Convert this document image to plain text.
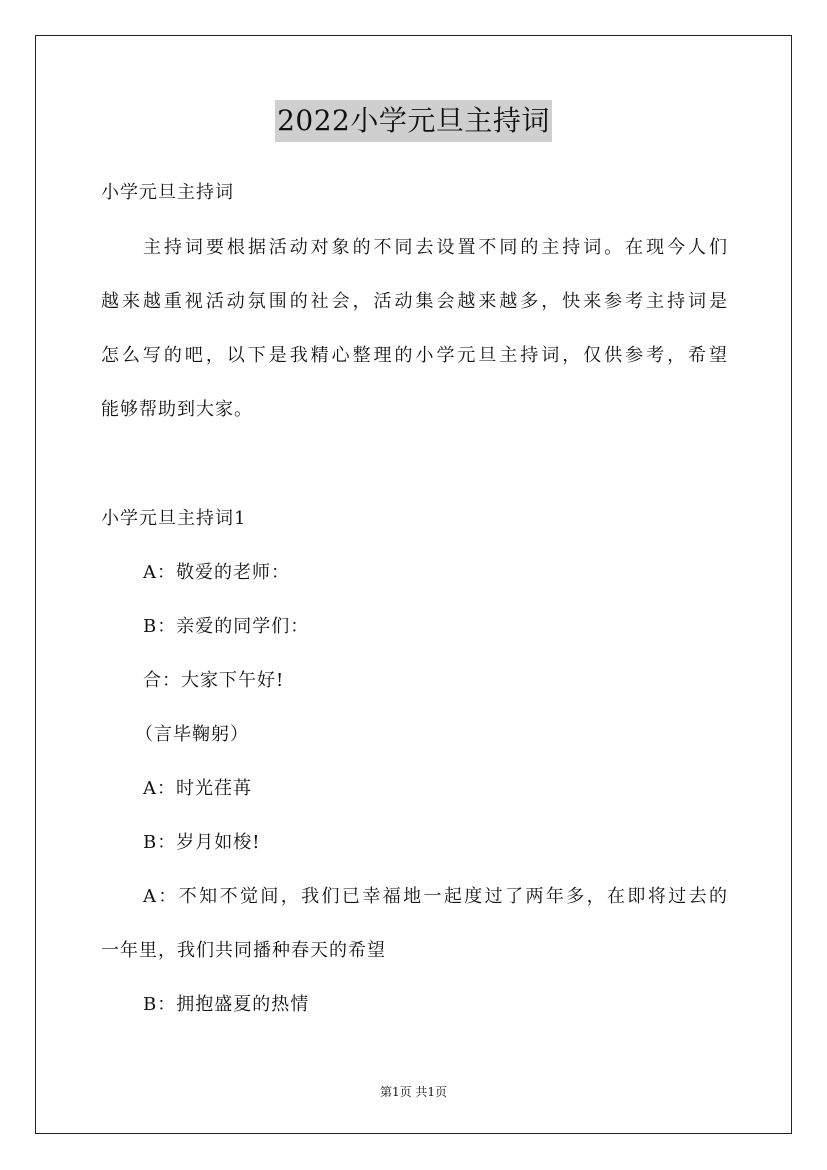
2022小学元旦主持词
小学元旦主持词
主持词要根据活动对象的不同去设置不同的主持词。在现今人们
越来越重视活动氛围的社会，活动集会越来越多，快来参考主持词是
怎么写的吧，以下是我精心整理的小学元旦主持词，仅供参考，希望
能够帮助到大家。
小学元旦主持词1
A：敬爱的老师：
B：亲爱的同学们：
合：大家下午好!
（言毕鞠躬）
A：时光荏苒
B：岁月如梭!
A：不知不觉间，我们已幸福地一起度过了两年多，在即将过去的
一年里，我们共同播种春天的希望
B：拥抱盛夏的热情
第1页 共1页
